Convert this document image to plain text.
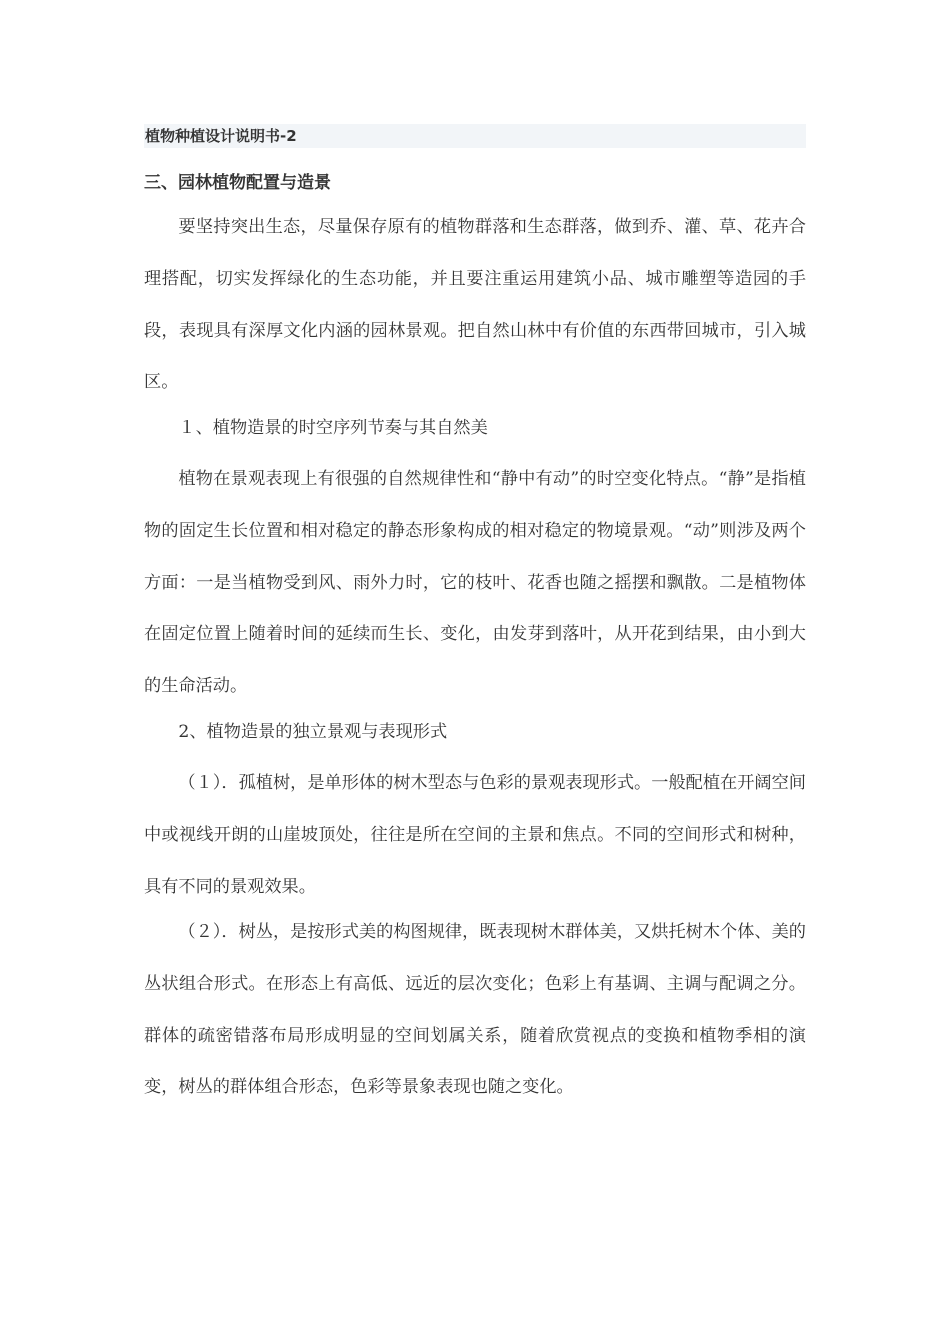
植物种植设计说明书-2
三、园林植物配置与造景

要坚持突出生态，尽量保存原有的植物群落和生态群落，做到乔、灌、草、花卉合理搭配，切实发挥绿化的生态功能，并且要注重运用建筑小品、城市雕塑等造园的手段，表现具有深厚文化内涵的园林景观。把自然山林中有价值的东西带回城市，引入城区。

１、植物造景的时空序列节奏与其自然美

植物在景观表现上有很强的自然规律性和“静中有动”的时空变化特点。“静”是指植物的固定生长位置和相对稳定的静态形象构成的相对稳定的物境景观。“动”则涉及两个方面：一是当植物受到风、雨外力时，它的枝叶、花香也随之摇摆和飘散。二是植物体在固定位置上随着时间的延续而生长、变化，由发芽到落叶，从开花到结果，由小到大的生命活动。

2、植物造景的独立景观与表现形式

（１）．孤植树，是单形体的树木型态与色彩的景观表现形式。一般配植在开阔空间中或视线开朗的山崖坡顶处，往往是所在空间的主景和焦点。不同的空间形式和树种，具有不同的景观效果。

（２）．树丛，是按形式美的构图规律，既表现树木群体美，又烘托树木个体、美的丛状组合形式。在形态上有高低、远近的层次变化；色彩上有基调、主调与配调之分。群体的疏密错落布局形成明显的空间划属关系，随着欣赏视点的变换和植物季相的演变，树丛的群体组合形态，色彩等景象表现也随之变化。
